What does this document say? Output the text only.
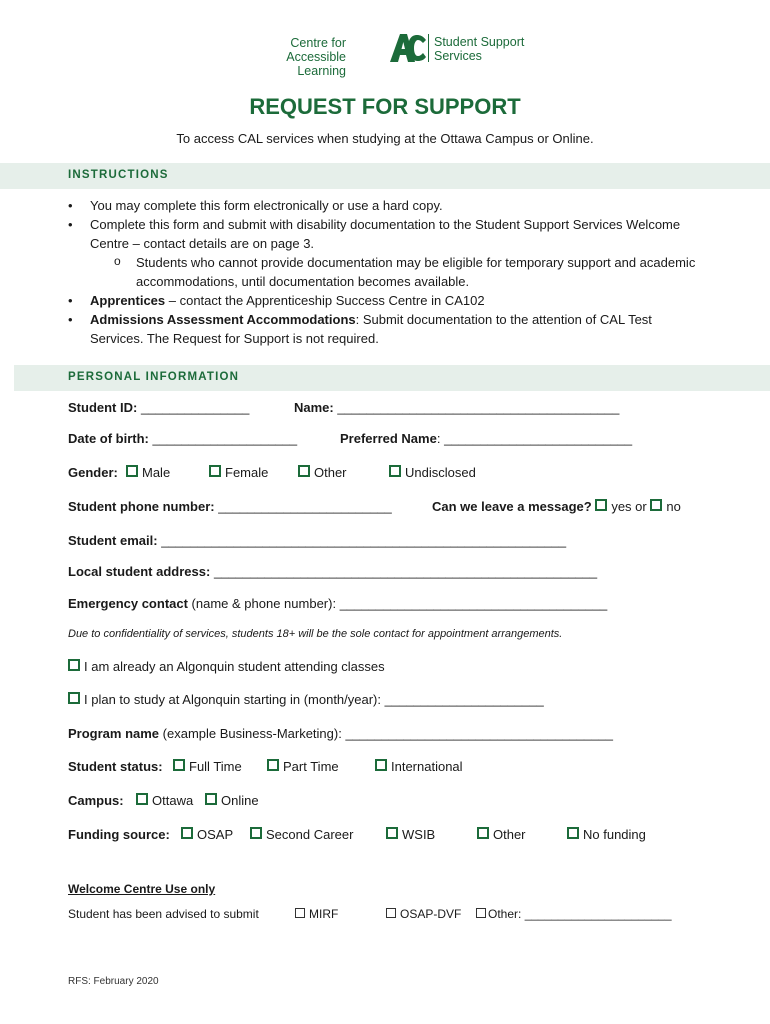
Centre for
Accessible Learning
Student Support
Services
REQUEST FOR SUPPORT
To access CAL services when studying at the Ottawa Campus or Online.
INSTRUCTIONS
• You may complete this form electronically or use a hard copy.
• Complete this form and submit with disability documentation to the Student Support Services Welcome Centre – contact details are on page 3.
o Students who cannot provide documentation may be eligible for temporary support and academic accommodations, until documentation becomes available.
• Apprentices – contact the Apprenticeship Success Centre in CA102
• Admissions Assessment Accommodations: Submit documentation to the attention of CAL Test Services. The Request for Support is not required.
PERSONAL INFORMATION
Student ID: _______________	Name: _______________________________________
Date of birth: ____________________	Preferred Name: __________________________
Gender:	Male	Female	Other	Undisclosed
Student phone number: ________________________	Can we leave a message? yes or no
Student email: ________________________________________________________
Local student address: _____________________________________________________
Emergency contact (name & phone number): _____________________________________
Due to confidentiality of services, students 18+ will be the sole contact for appointment arrangements.
I am already an Algonquin student attending classes
I plan to study at Algonquin starting in (month/year): ______________________
Program name (example Business-Marketing): _____________________________________
Student status:	Full Time	Part Time	International
Campus:	Ottawa	Online
Funding source:	OSAP	Second Career	WSIB	Other	No funding
Welcome Centre Use only
Student has been advised to submit	MIRF	OSAP-DVF	Other: ______________________
RFS: February 2020
